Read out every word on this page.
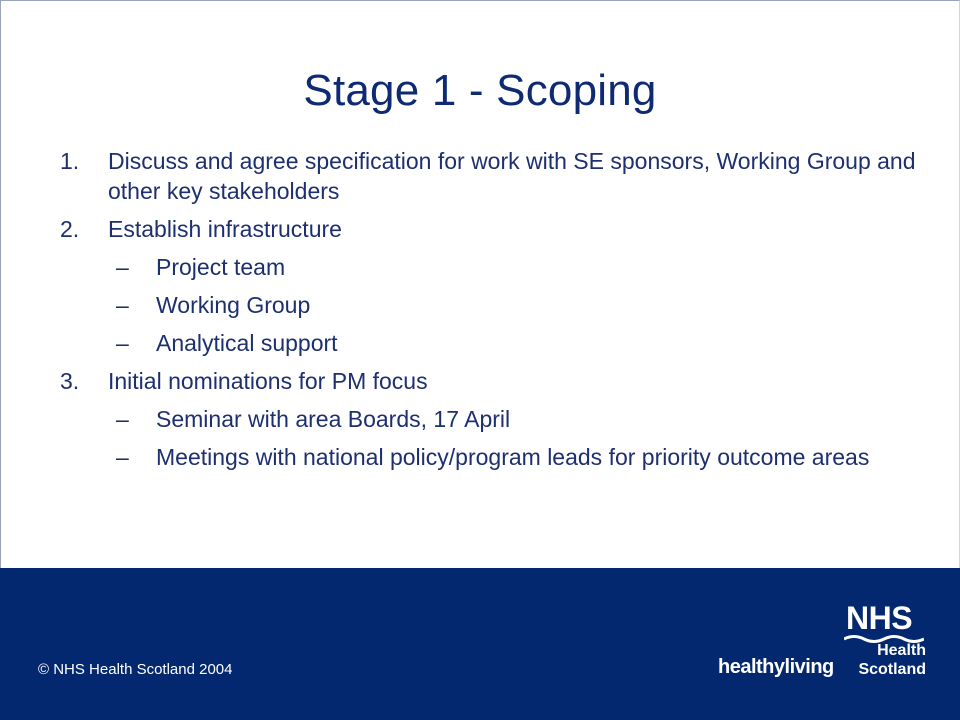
Stage 1 - Scoping
1.	Discuss and agree specification for work with SE sponsors, Working Group and other key stakeholders
2.	Establish infrastructure
–	Project team
–	Working Group
–	Analytical support
3.	Initial nominations for PM focus
–	Seminar with area Boards, 17 April
–	Meetings with national policy/program leads for priority outcome areas
© NHS Health Scotland 2004	healthyliving
NHS
Health
Scotland
